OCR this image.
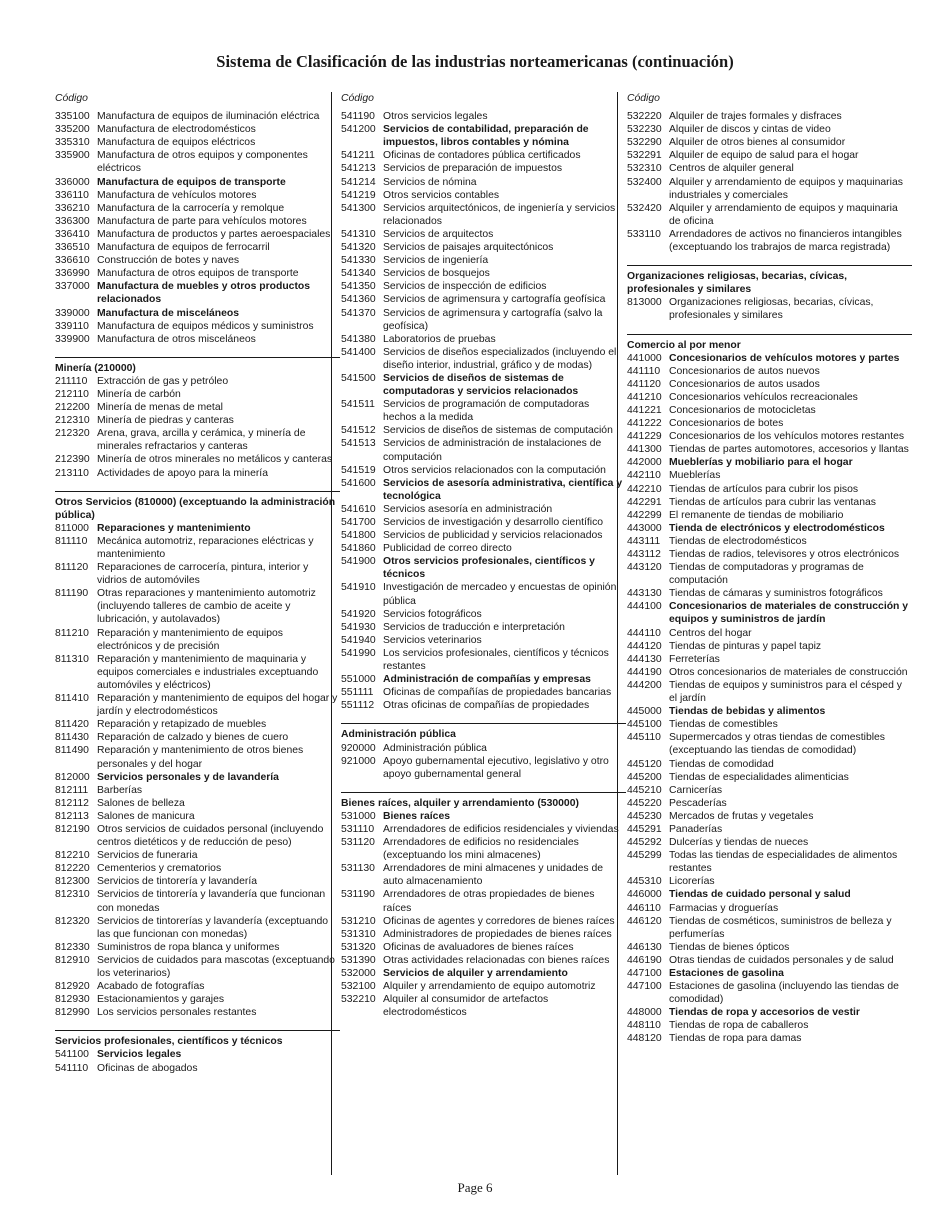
Sistema de Clasificación de las industrias norteamericanas (continuación)
Código
335100 Manufactura de equipos de iluminación eléctrica
335200 Manufactura de electrodomésticos
335310 Manufactura de equipos eléctricos
335900 Manufactura de otros equipos y componentes eléctricos
336000 Manufactura de equipos de transporte
336110 Manufactura de vehículos motores
336210 Manufactura de la carrocería y remolque
336300 Manufactura de parte para vehículos motores
336410 Manufactura de productos y partes aeroespaciales
336510 Manufactura de equipos de ferrocarril
336610 Construcción de botes y naves
336990 Manufactura de otros equipos de transporte
337000 Manufactura de muebles y otros productos relacionados
339000 Manufactura de misceláneos
339110 Manufactura de equipos médicos y suministros
339900 Manufactura de otros misceláneos
Minería (210000)
211110 Extracción de gas y petróleo
212110 Minería de carbón
212200 Minería de menas de metal
212310 Minería de piedras y canteras
212320 Arena, grava, arcilla y cerámica, y minería de minerales refractarios y canteras
212390 Minería de otros minerales no metálicos y canteras
213110 Actividades de apoyo para la minería
Otros Servicios (810000) (exceptuando la administración pública)
811000 Reparaciones y mantenimiento
811110 Mecánica automotriz, reparaciones eléctricas y mantenimiento
811120 Reparaciones de carrocería, pintura, interior y vidrios de automóviles
811190 Otras reparaciones y mantenimiento automotriz (incluyendo talleres de cambio de aceite y lubricación, y autolavados)
811210 Reparación y mantenimiento de equipos electrónicos y de precisión
811310 Reparación y mantenimiento de maquinaria y equipos comerciales e industriales exceptuando automóviles y eléctricos)
811410 Reparación y mantenimiento de equipos del hogar y jardín y electrodomésticos
811420 Reparación y retapizado de muebles
811430 Reparación de calzado y bienes de cuero
811490 Reparación y mantenimiento de otros bienes personales y del hogar
812000 Servicios personales y de lavandería
812111 Barberías
812112 Salones de belleza
812113 Salones de manicura
812190 Otros servicios de cuidados personal (incluyendo centros dietéticos y de reducción de peso)
812210 Servicios de funeraria
812220 Cementerios y crematorios
812300 Servicios de tintorería y lavandería
812310 Servicios de tintorería y lavandería que funcionan con monedas
812320 Servicios de tintorerías y lavandería (exceptuando las que funcionan con monedas)
812330 Suministros de ropa blanca y uniformes
812910 Servicios de cuidados para mascotas (exceptuando los veterinarios)
812920 Acabado de fotografías
812930 Estacionamientos y garajes
812990 Los servicios personales restantes
Servicios profesionales, científicos y técnicos
541100 Servicios legales
541110 Oficinas de abogados
Código
541190 Otros servicios legales
541200 Servicios de contabilidad, preparación de impuestos, libros contables y nómina
541211 Oficinas de contadores pública certificados
541213 Servicios de preparación de impuestos
541214 Servicios de nómina
541219 Otros servicios contables
541300 Servicios arquitectónicos, de ingeniería y servicios relacionados
541310 Servicios de arquitectos
541320 Servicios de paisajes arquitectónicos
541330 Servicios de ingeniería
541340 Servicios de bosquejos
541350 Servicios de inspección de edificios
541360 Servicios de agrimensura y cartografía geofísica
541370 Servicios de agrimensura y cartografía (salvo la geofísica)
541380 Laboratorios de pruebas
541400 Servicios de diseños especializados (incluyendo el diseño interior, industrial, gráfico y de modas)
541500 Servicios de diseños de sistemas de computadoras y servicios relacionados
541511 Servicios de programación de computadoras hechos a la medida
541512 Servicios de diseños de sistemas de computación
541513 Servicios de administración de instalaciones de computación
541519 Otros servicios relacionados con la computación
541600 Servicios de asesoría administrativa, científica y tecnológica
541610 Servicios asesoría en administración
541700 Servicios de investigación y desarrollo científico
541800 Servicios de publicidad y servicios relacionados
541860 Publicidad de correo directo
541900 Otros servicios profesionales, científicos y técnicos
541910 Investigación de mercadeo y encuestas de opinión pública
541920 Servicios fotográficos
541930 Servicios de traducción e interpretación
541940 Servicios veterinarios
541990 Los servicios profesionales, científicos y técnicos restantes
551000 Administración de compañías y empresas
551111 Oficinas de compañías de propiedades bancarias
551112 Otras oficinas de compañías de propiedades
Administración pública
920000 Administración pública
921000 Apoyo gubernamental ejecutivo, legislativo y otro apoyo gubernamental general
Bienes raíces, alquiler y arrendamiento (530000)
531000 Bienes raíces
531110 Arrendadores de edificios residenciales y viviendas
531120 Arrendadores de edificios no residenciales (exceptuando los mini almacenes)
531130 Arrendadores de mini almacenes y unidades de auto almacenamiento
531190 Arrendadores de otras propiedades de bienes raíces
531210 Oficinas de agentes y corredores de bienes raíces
531310 Administradores de propiedades de bienes raíces
531320 Oficinas de avaluadores de bienes raíces
531390 Otras actividades relacionadas con bienes raíces
532000 Servicios de alquiler y arrendamiento
532100 Alquiler y arrendamiento de equipo automotriz
532210 Alquiler al consumidor de artefactos electrodomésticos
Código
532220 Alquiler de trajes formales y disfraces
532230 Alquiler de discos y cintas de video
532290 Alquiler de otros bienes al consumidor
532291 Alquiler de equipo de salud para el hogar
532310 Centros de alquiler general
532400 Alquiler y arrendamiento de equipos y maquinarias industriales y comerciales
532420 Alquiler y arrendamiento de equipos y maquinaria de oficina
533110 Arrendadores de activos no financieros intangibles (exceptuando los trabrajos de marca registrada)
Organizaciones religiosas, becarias, cívicas, profesionales y similares
813000 Organizaciones religiosas, becarias, cívicas, profesionales y similares
Comercio al por menor
441000 Concesionarios de vehículos motores y partes
441110 Concesionarios de autos nuevos
441120 Concesionarios de autos usados
441210 Concesionarios vehículos recreacionales
441221 Concesionarios de motocicletas
441222 Concesionarios de botes
441229 Concesionarios de los vehículos motores restantes
441300 Tiendas de partes automotores, accesorios y llantas
442000 Mueblerías y mobiliario para el hogar
442110 Mueblerías
442210 Tiendas de artículos para cubrir los pisos
442291 Tiendas de artículos para cubrir las ventanas
442299 El remanente de tiendas de mobiliario
443000 Tienda de electrónicos y electrodomésticos
443111 Tiendas de electrodomésticos
443112 Tiendas de radios, televisores y otros electrónicos
443120 Tiendas de computadoras y programas de computación
443130 Tiendas de cámaras y suministros fotográficos
444100 Concesionarios de materiales de construcción y equipos y suministros de jardín
444110 Centros del hogar
444120 Tiendas de pinturas y papel tapiz
444130 Ferreterías
444190 Otros concesionarios de materiales de construcción
444200 Tiendas de equipos y suministros para el césped y el jardín
445000 Tiendas de bebidas y alimentos
445100 Tiendas de comestibles
445110 Supermercados y otras tiendas de comestibles (exceptuando las tiendas de comodidad)
445120 Tiendas de comodidad
445200 Tiendas de especialidades alimenticias
445210 Carnicerías
445220 Pescaderías
445230 Mercados de frutas y vegetales
445291 Panaderías
445292 Dulcerías y tiendas de nueces
445299 Todas las tiendas de especialidades de alimentos restantes
445310 Licorerías
446000 Tiendas de cuidado personal y salud
446110 Farmacias y droguerías
446120 Tiendas de cosméticos, suministros de belleza y perfumerías
446130 Tiendas de bienes ópticos
446190 Otras tiendas de cuidados personales y de salud
447100 Estaciones de gasolina
447100 Estaciones de gasolina (incluyendo las tiendas de comodidad)
448000 Tiendas de ropa y accesorios de vestir
448110 Tiendas de ropa de caballeros
448120 Tiendas de ropa para damas
Page 6
